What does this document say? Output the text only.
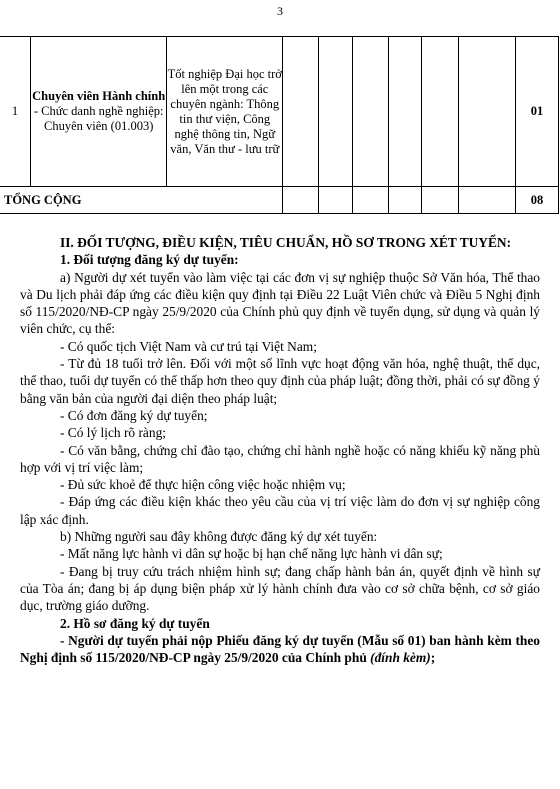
3
1	Chuyên viên Hành chính
- Chức danh nghề nghiệp: Chuyên viên (01.003)	Tốt nghiệp Đại học trở lên một trong các chuyên ngành: Thông tin thư viện, Công nghệ thông tin, Ngữ văn, Văn thư - lưu trữ							01
TỔNG CỘNG									08

II. ĐỐI TƯỢNG, ĐIỀU KIỆN, TIÊU CHUẨN, HỒ SƠ TRONG XÉT TUYỂN:

1. Đối tượng đăng ký dự tuyển:

a) Người dự xét tuyển vào làm việc tại các đơn vị sự nghiệp thuộc Sở Văn hóa, Thể thao và Du lịch phải đáp ứng các điều kiện quy định tại Điều 22 Luật Viên chức và Điều 5 Nghị định số 115/2020/NĐ-CP ngày 25/9/2020 của Chính phủ quy định về tuyển dụng, sử dụng và quản lý viên chức, cụ thể:

- Có quốc tịch Việt Nam và cư trú tại Việt Nam;

- Từ đủ 18 tuổi trở lên. Đối với một số lĩnh vực hoạt động văn hóa, nghệ thuật, thể dục, thể thao, tuổi dự tuyển có thể thấp hơn theo quy định của pháp luật; đồng thời, phải có sự đồng ý bằng văn bản của người đại diện theo pháp luật;

- Có đơn đăng ký dự tuyển;

- Có lý lịch rõ ràng;

- Có văn bằng, chứng chỉ đào tạo, chứng chỉ hành nghề hoặc có năng khiếu kỹ năng phù hợp với vị trí việc làm;

- Đủ sức khoẻ để thực hiện công việc hoặc nhiệm vụ;

- Đáp ứng các điều kiện khác theo yêu cầu của vị trí việc làm do đơn vị sự nghiệp công lập xác định.

b) Những người sau đây không được đăng ký dự xét tuyển:

- Mất năng lực hành vi dân sự hoặc bị hạn chế năng lực hành vi dân sự;

- Đang bị truy cứu trách nhiệm hình sự; đang chấp hành bản án, quyết định về hình sự của Tòa án; đang bị áp dụng biện pháp xử lý hành chính đưa vào cơ sở chữa bệnh, cơ sở giáo dục, trường giáo dưỡng.

2. Hồ sơ đăng ký dự tuyển

- Người dự tuyển phải nộp Phiếu đăng ký dự tuyển (Mẫu số 01) ban hành kèm theo Nghị định số 115/2020/NĐ-CP ngày 25/9/2020 của Chính phủ (đính kèm);
